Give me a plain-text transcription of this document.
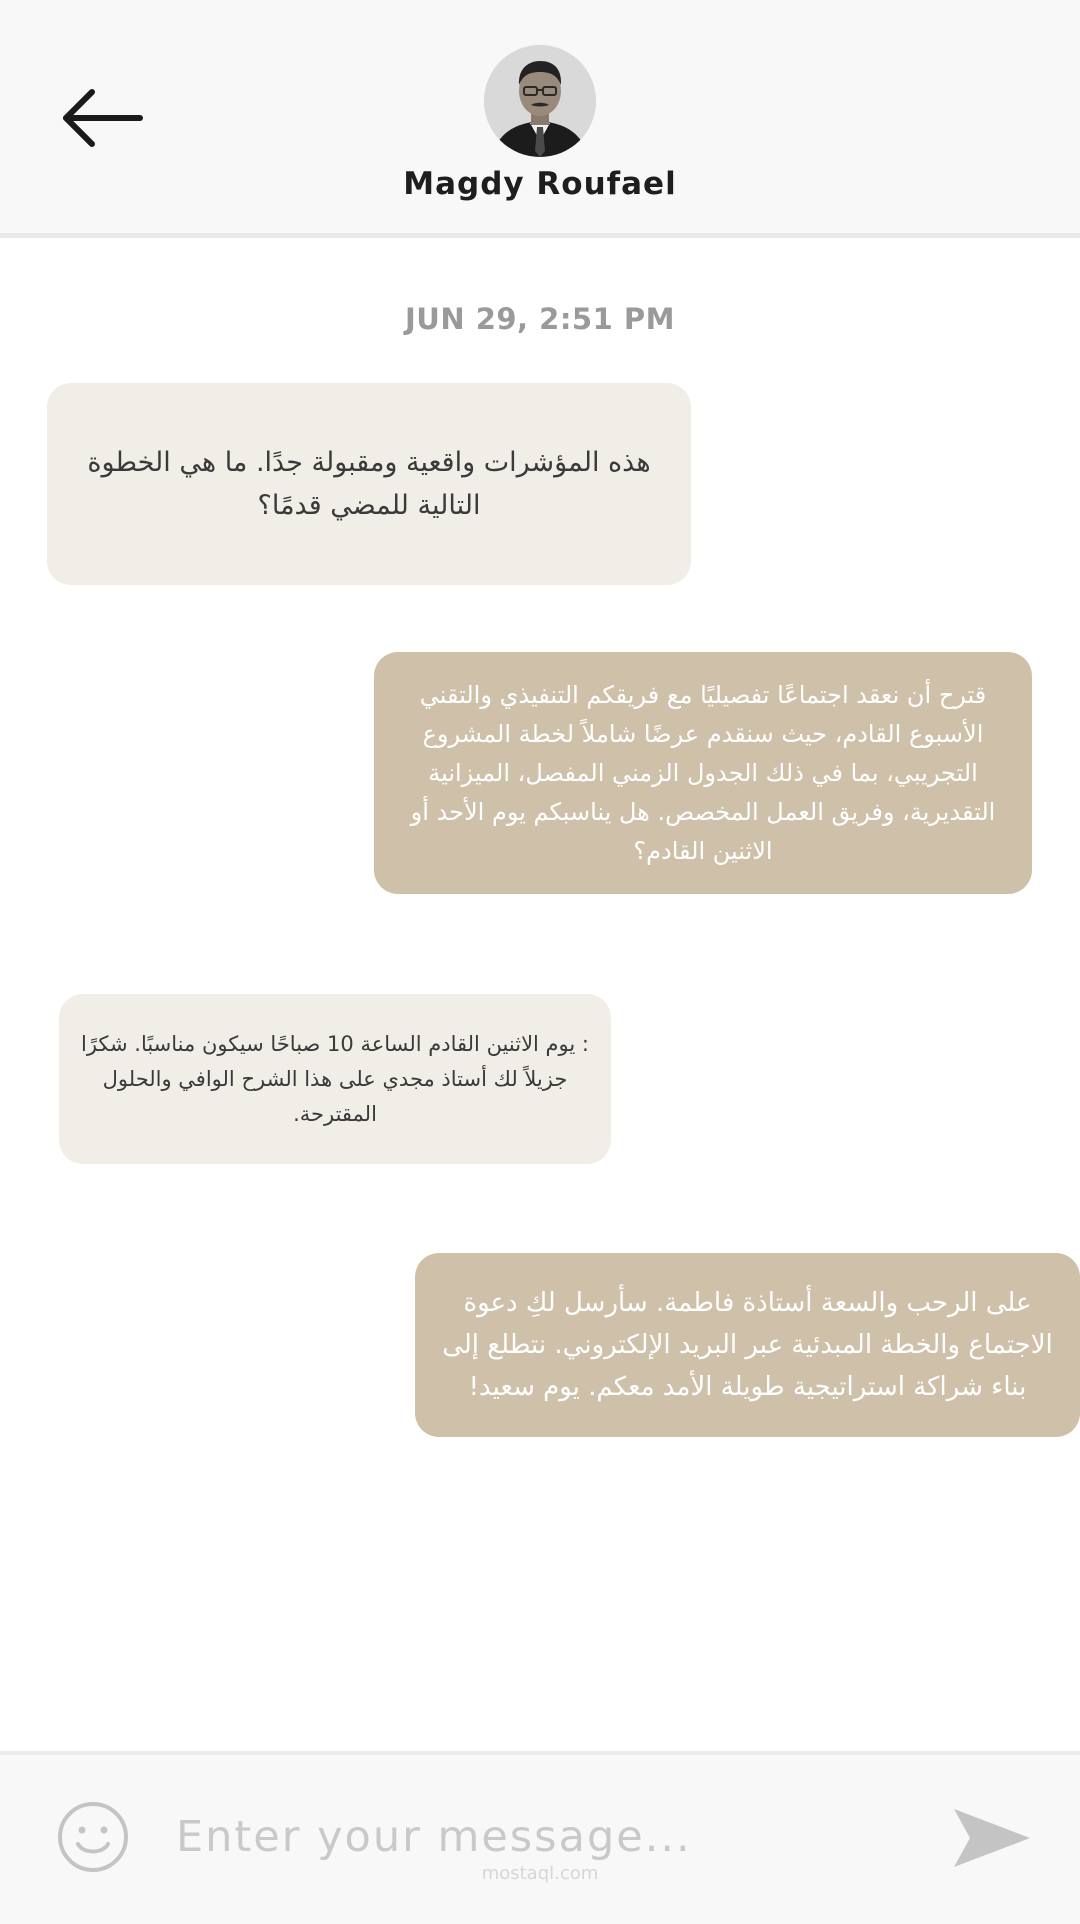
Magdy Roufael
JUN 29, 2:51 PM
هذه المؤشرات واقعية ومقبولة جدًا. ما هي الخطوة التالية للمضي قدمًا؟
قترح أن نعقد اجتماعًا تفصيليًا مع فريقكم التنفيذي والتقني الأسبوع القادم، حيث سنقدم عرضًا شاملاً لخطة المشروع التجريبي، بما في ذلك الجدول الزمني المفصل، الميزانية التقديرية، وفريق العمل المخصص. هل يناسبكم يوم الأحد أو الاثنين القادم؟
: يوم الاثنين القادم الساعة 10 صباحًا سيكون مناسبًا. شكرًا جزيلاً لك أستاذ مجدي على هذا الشرح الوافي والحلول المقترحة.
على الرحب والسعة أستاذة فاطمة. سأرسل لكِ دعوة الاجتماع والخطة المبدئية عبر البريد الإلكتروني. نتطلع إلى بناء شراكة استراتيجية طويلة الأمد معكم. يوم سعيد!
Enter your message...
mostaql.com
